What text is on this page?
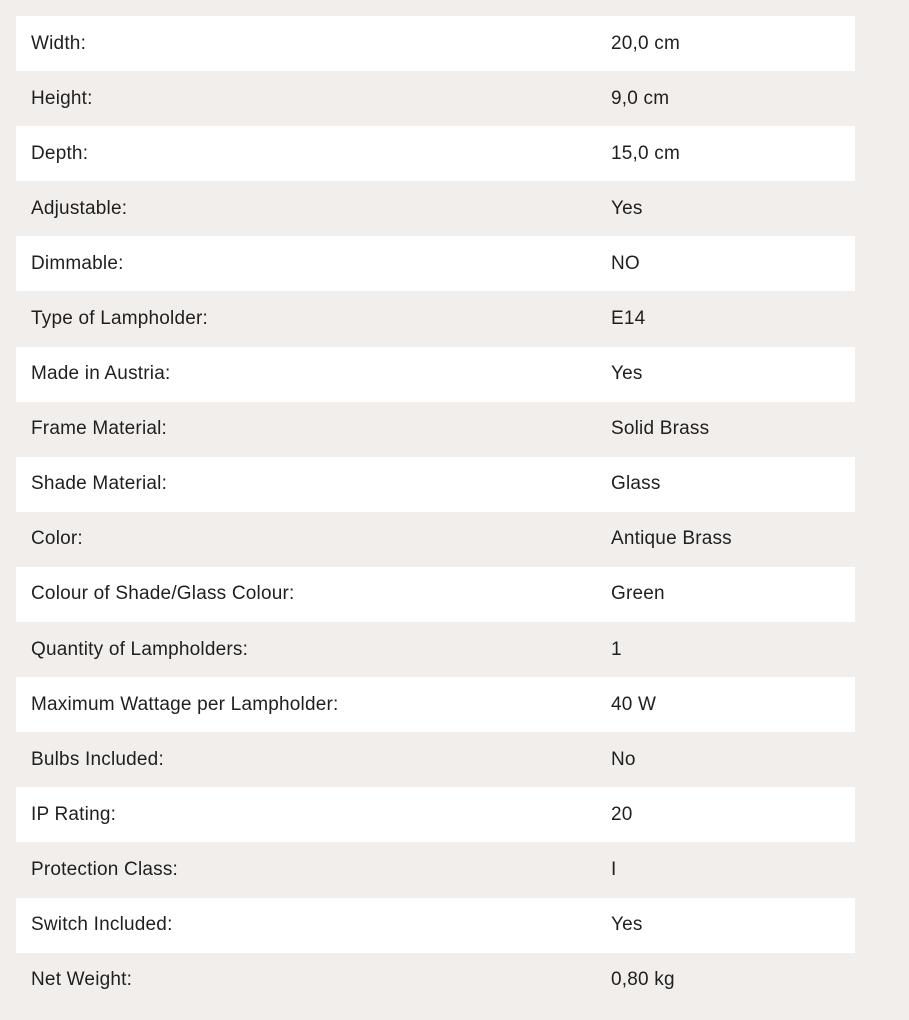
Width:	20,0 cm
Height:	9,0 cm
Depth:	15,0 cm
Adjustable:	Yes
Dimmable:	NO
Type of Lampholder:	E14
Made in Austria:	Yes
Frame Material:	Solid Brass
Shade Material:	Glass
Color:	Antique Brass
Colour of Shade/Glass Colour:	Green
Quantity of Lampholders:	1
Maximum Wattage per Lampholder:	40 W
Bulbs Included:	No
IP Rating:	20
Protection Class:	I
Switch Included:	Yes
Net Weight:	0,80 kg
